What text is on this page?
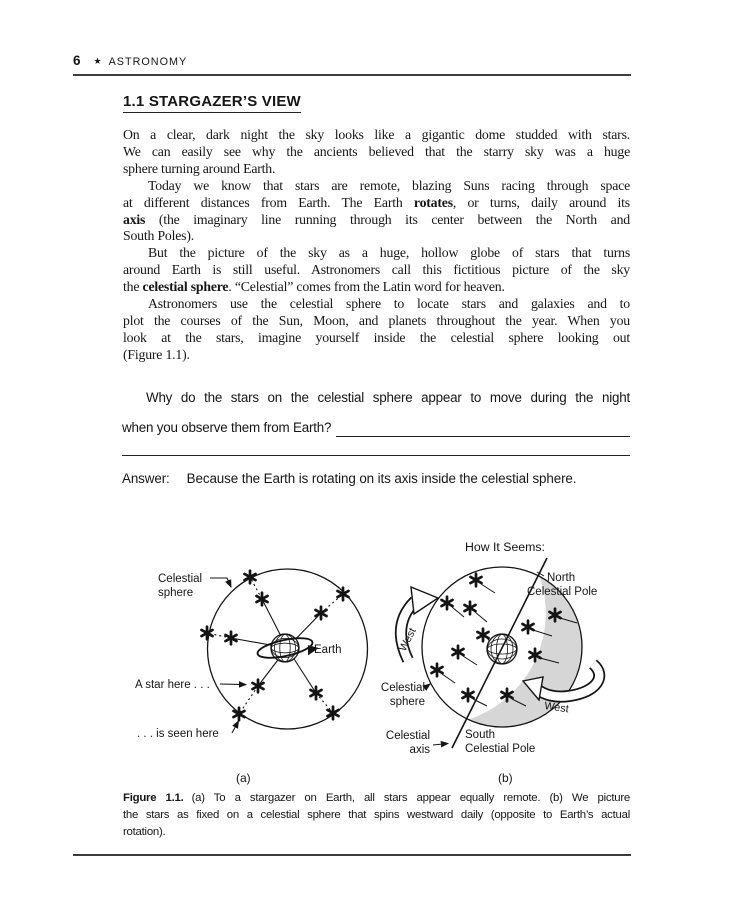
6 ★ ASTRONOMY
1.1 STARGAZER’S VIEW
On a clear, dark night the sky looks like a gigantic dome studded with stars.
We can easily see why the ancients believed that the starry sky was a huge
sphere turning around Earth.
Today we know that stars are remote, blazing Suns racing through space
at different distances from Earth. The Earth rotates, or turns, daily around its
axis (the imaginary line running through its center between the North and
South Poles).
But the picture of the sky as a huge, hollow globe of stars that turns
around Earth is still useful. Astronomers call this fictitious picture of the sky
the celestial sphere. “Celestial” comes from the Latin word for heaven.
Astronomers use the celestial sphere to locate stars and galaxies and to
plot the courses of the Sun, Moon, and planets throughout the year. When you
look at the stars, imagine yourself inside the celestial sphere looking out
(Figure 1.1).
Why do the stars on the celestial sphere appear to move during the night
when you observe them from Earth?
Answer: Because the Earth is rotating on its axis inside the celestial sphere.
Celestial
sphere
Earth
A star here . . .
. . . is seen here
(a)
How It Seems:
West
West
North
Celestial Pole
Celestial
sphere
Celestial
axis
South
Celestial Pole
(b)
Figure 1.1. (a) To a stargazer on Earth, all stars appear equally remote. (b) We picture
the stars as fixed on a celestial sphere that spins westward daily (opposite to Earth’s actual
rotation).
